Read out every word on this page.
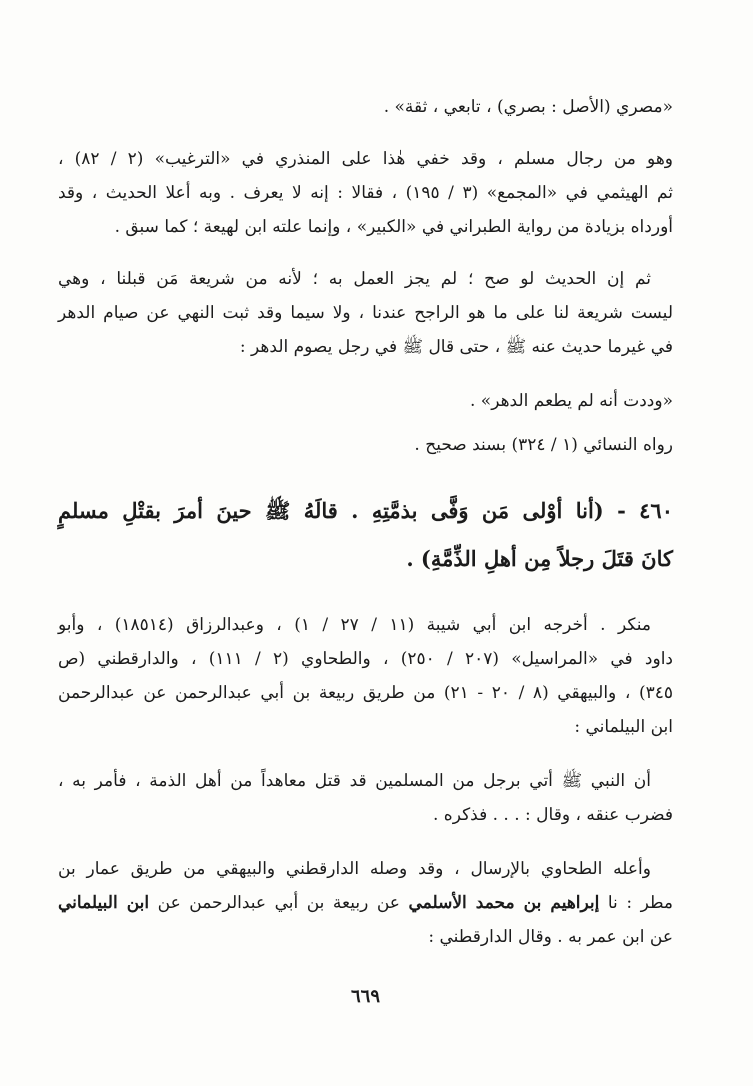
«مصري (الأصل : بصري) ، تابعي ، ثقة» .
وهو من رجال مسلم ، وقد خفي هٰذا على المنذري في «الترغيب» (٢ / ٨٢) ،
ثم الهيثمي في «المجمع» (٣ / ١٩٥) ، فقالا : إنه لا يعرف . وبه أعلا الحديث ، وقد
أورداه بزيادة من رواية الطبراني في «الكبير» ، وإنما علته ابن لهيعة ؛ كما سبق .
ثم إن الحديث لو صح ؛ لم يجز العمل به ؛ لأنه من شريعة مَن قبلنا ، وهي
ليست شريعة لنا على ما هو الراجح عندنا ، ولا سيما وقد ثبت النهي عن صيام الدهر
في غيرما حديث عنه ﷺ ، حتى قال ﷺ في رجل يصوم الدهر :
«وددت أنه لم يطعم الدهر» .
رواه النسائي (١ / ٣٢٤) بسند صحيح .
٤٦٠ - (أنا أوْلى مَن وَفَّى بذمَّتِهِ . قالَهُ ﷺ حينَ أمرَ بقتْلِ مسلمٍ
كانَ قتَلَ رجلاً مِن أهلِ الذِّمَّةِ) .
منكر . أخرجه ابن أبي شيبة (١١ / ٢٧ / ١) ، وعبدالرزاق (١٨٥١٤) ، وأبو
داود في «المراسيل» (٢٠٧ / ٢٥٠) ، والطحاوي (٢ / ١١١) ، والدارقطني (ص
٣٤٥) ، والبيهقي (٨ / ٢٠ - ٢١) من طريق ربيعة بن أبي عبدالرحمن عن عبدالرحمن
ابن البيلماني :
أن النبي ﷺ أتي برجل من المسلمين قد قتل معاهداً من أهل الذمة ، فأمر به ،
فضرب عنقه ، وقال : . . . فذكره .
وأعله الطحاوي بالإرسال ، وقد وصله الدارقطني والبيهقي من طريق عمار بن
مطر : نا إبراهيم بن محمد الأسلمي عن ربيعة بن أبي عبدالرحمن عن ابن البيلماني
عن ابن عمر به . وقال الدارقطني :
٦٦٩
